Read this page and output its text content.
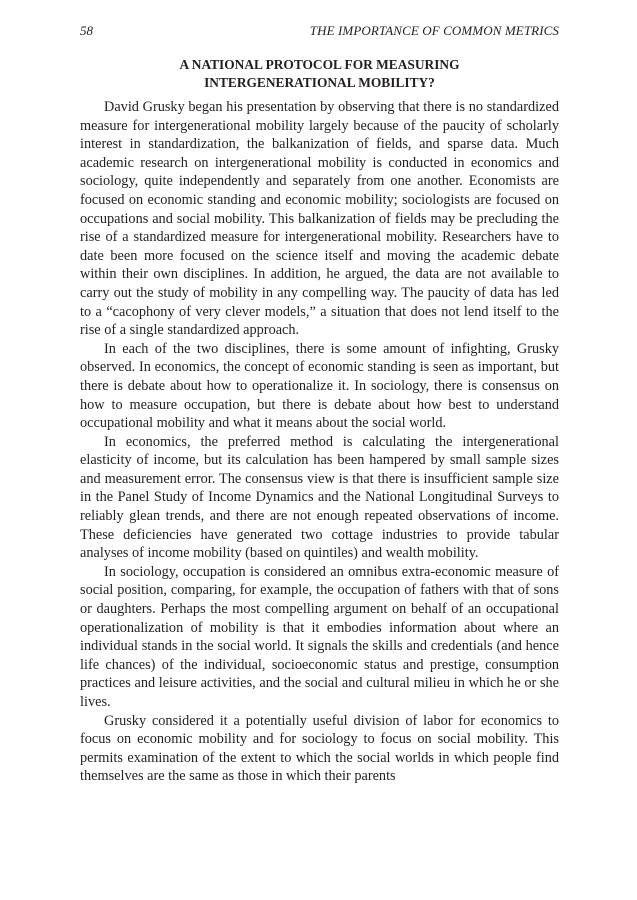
58	THE IMPORTANCE OF COMMON METRICS
A NATIONAL PROTOCOL FOR MEASURING
INTERGENERATIONAL MOBILITY?

David Grusky began his presentation by observing that there is no standardized measure for intergenerational mobility largely because of the paucity of scholarly interest in standardization, the balkanization of fields, and sparse data. Much academic research on intergenerational mobility is conducted in economics and sociology, quite independently and separately from one another. Economists are focused on economic standing and economic mobility; sociologists are focused on occupations and social mobility. This balkanization of fields may be precluding the rise of a standardized measure for intergenerational mobility. Researchers have to date been more focused on the science itself and moving the academic debate within their own disciplines. In addition, he argued, the data are not available to carry out the study of mobility in any compelling way. The paucity of data has led to a “cacophony of very clever models,” a situation that does not lend itself to the rise of a single standardized approach.

In each of the two disciplines, there is some amount of infighting, Grusky observed. In economics, the concept of economic standing is seen as important, but there is debate about how to operationalize it. In sociology, there is consensus on how to measure occupation, but there is debate about how best to understand occupational mobility and what it means about the social world.

In economics, the preferred method is calculating the intergenerational elasticity of income, but its calculation has been hampered by small sample sizes and measurement error. The consensus view is that there is insufficient sample size in the Panel Study of Income Dynamics and the National Longitudinal Surveys to reliably glean trends, and there are not enough repeated observations of income. These deficiencies have generated two cottage industries to provide tabular analyses of income mobility (based on quintiles) and wealth mobility.

In sociology, occupation is considered an omnibus extra-economic measure of social position, comparing, for example, the occupation of fathers with that of sons or daughters. Perhaps the most compelling argument on behalf of an occupational operationalization of mobility is that it embodies information about where an individual stands in the social world. It signals the skills and credentials (and hence life chances) of the individual, socioeconomic status and prestige, consumption practices and leisure activities, and the social and cultural milieu in which he or she lives.

Grusky considered it a potentially useful division of labor for economics to focus on economic mobility and for sociology to focus on social mobility. This permits examination of the extent to which the social worlds in which people find themselves are the same as those in which their parents
